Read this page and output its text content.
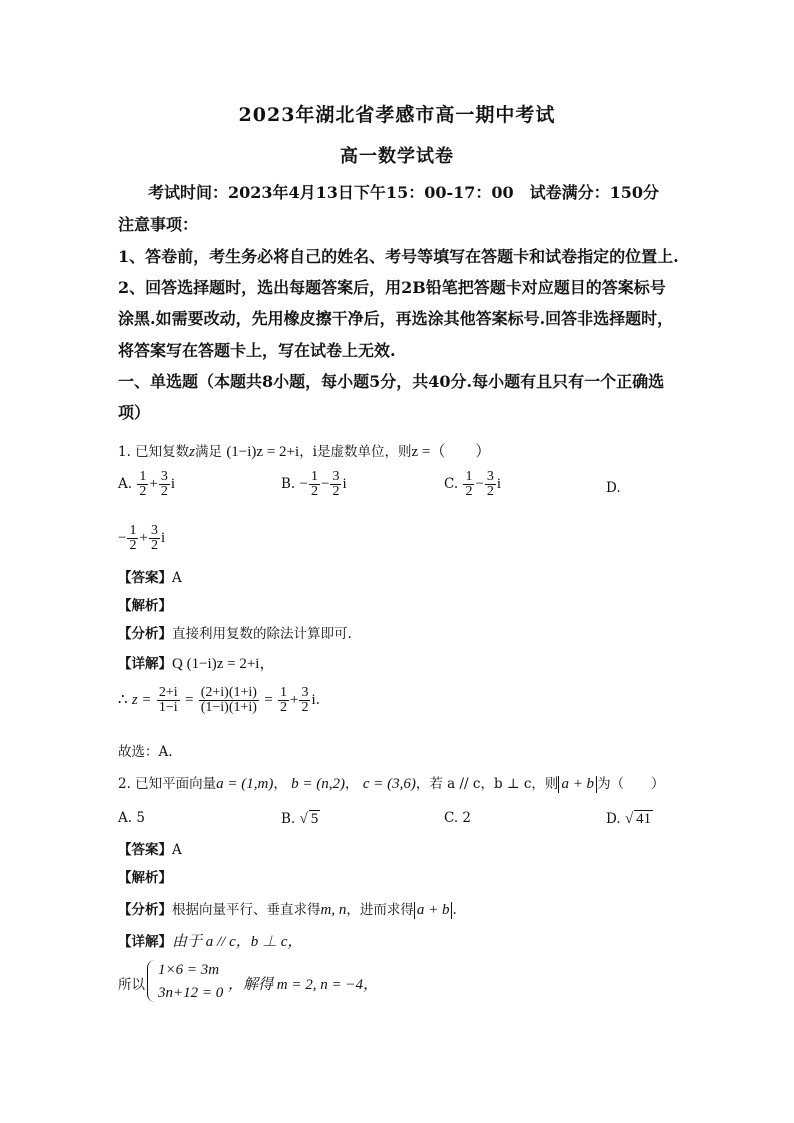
2023年湖北省孝感市高一期中考试
高一数学试卷
考试时间：2023年4月13日下午15：00-17：00　试卷满分：150分
注意事项：
1、答卷前，考生务必将自己的姓名、考号等填写在答题卡和试卷指定的位置上.
2、回答选择题时，选出每题答案后，用2B铅笔把答题卡对应题目的答案标号
涂黑.如需要改动，先用橡皮擦干净后，再选涂其他答案标号.回答非选择题时，
将答案写在答题卡上，写在试卷上无效.
一、单选题（本题共8小题，每小题5分，共40分.每小题有且只有一个正确选
项）
1. 已知复数z满足 (1−i)z = 2+i，i是虚数单位，则z =（　　）
A. $\frac{1}{2} + \frac{3}{2}$ i	B. − $\frac{1}{2} - \frac{3}{2}$ i	C. $\frac{1}{2} - \frac{3}{2}$ i	D.
− $\frac{1}{2} + \frac{3}{2}$ i
【答案】A
【解析】
【分析】直接利用复数的除法计算即可.
【详解】Q (1−i)z = 2+i，
∴ $z = \frac{2+i}{1-i} = \frac{(2+i)(1+i)}{(1-i)(1+i)} = \frac{1}{2} + \frac{3}{2} i$.
故选：A.
2. 已知平面向量a = (1,m)， b = (n,2)， c = (3,6)，若 a // c，b ⊥ c，则 a + b 为（　　）
A. 5	B. √ 5	C. 2	D. √ 41
【答案】A
【解析】
【分析】根据向量平行、垂直求得m, n，进而求得 a + b .
【详解】由于 a // c，b ⊥ c，
所以
1×6 = 3m
3n+12 = 0 ，解得 m = 2, n = −4，
